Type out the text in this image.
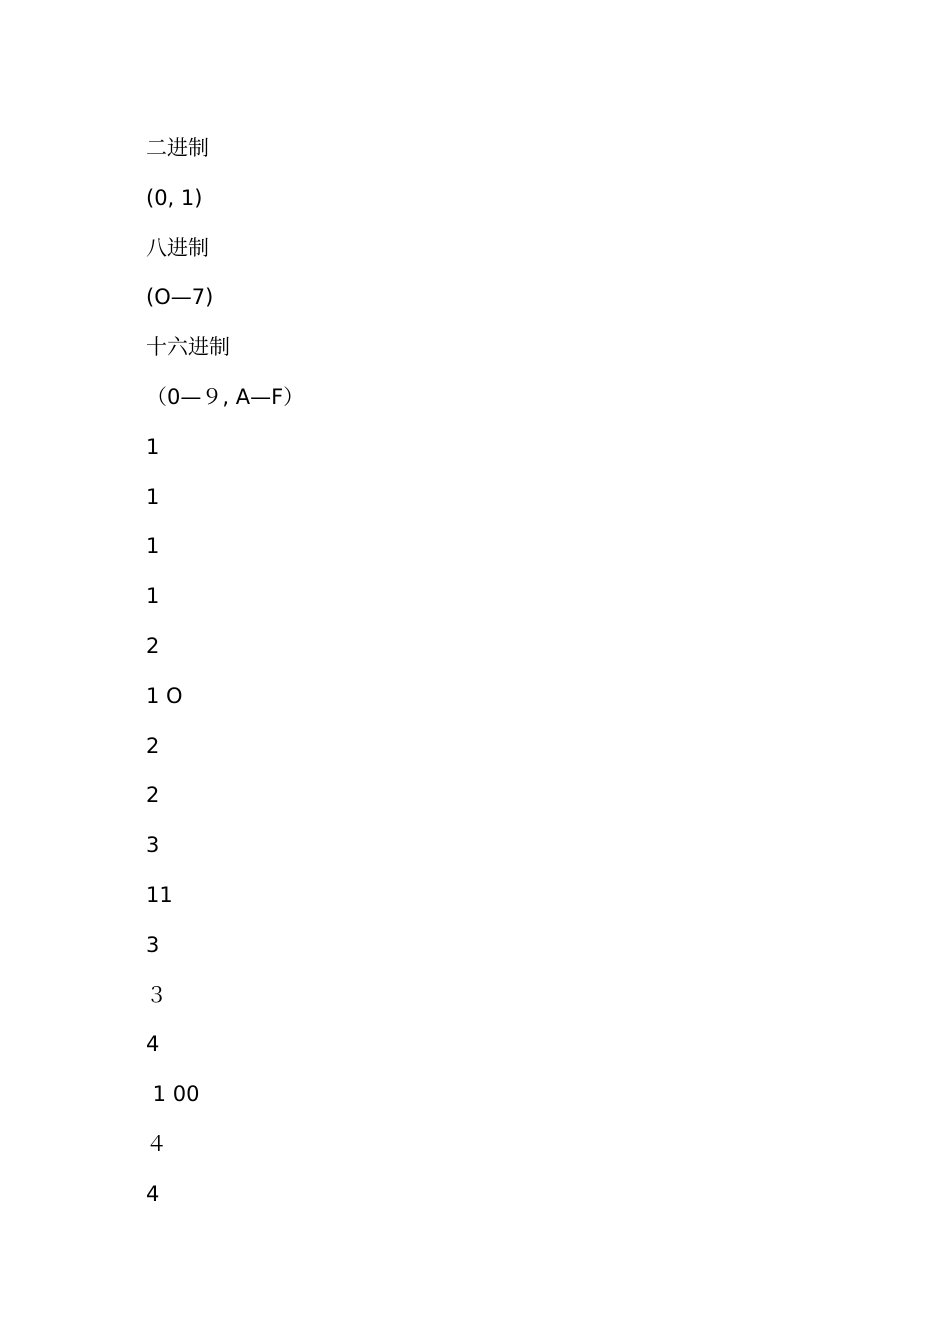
二进制
(0, 1)
八进制
(O—7)
十六进制
（0—９, A—F）
1
1
1
1
2
1 O
2
2
3
11
3
３
4
1 00
４
4
